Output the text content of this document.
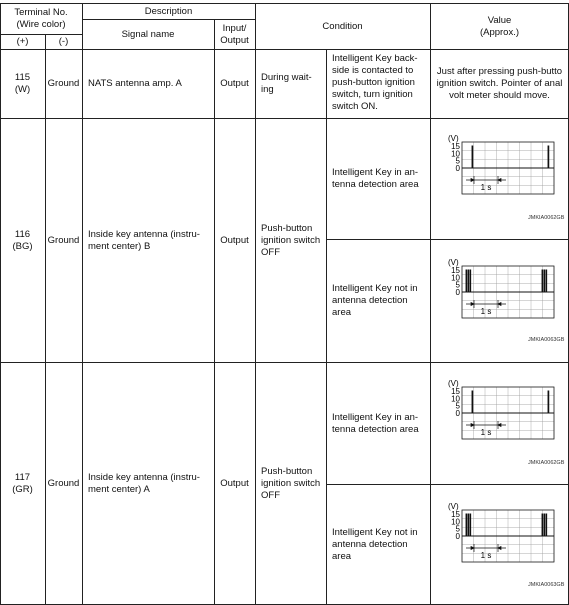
Terminal No.
(Wire color)
(+)	(-)
Description
Signal name
Input/
Output
Condition
Value
(Approx.)
115
(W)
Ground NATS antenna amp. A	Output
During wait-
ing
Intelligent Key back-
side is contacted to
push-button ignition
switch, turn ignition
switch ON.
Just after pressing push-butto
ignition switch. Pointer of anal
volt meter should move.
116
(BG)
Ground
Inside key antenna (instru-
ment center) B
Output
Push-button
ignition switch
OFF
Intelligent Key in an-
tenna detection area
Intelligent Key not in
antenna detection
area
117
(GR)
Ground
Inside key antenna (instru-
ment center) A
Output
Push-button
ignition switch
OFF
Intelligent Key in an-
tenna detection area
Intelligent Key not in
antenna detection
area
(V)
15
10
5
0
1 s
JMKIA0062GB
(V)
15
10
5
0
1 s
JMKIA0063GB
(V)
15
10
5
0
1 s
JMKIA0062GB
(V)
15
10
5
0
1 s
JMKIA0063GB
